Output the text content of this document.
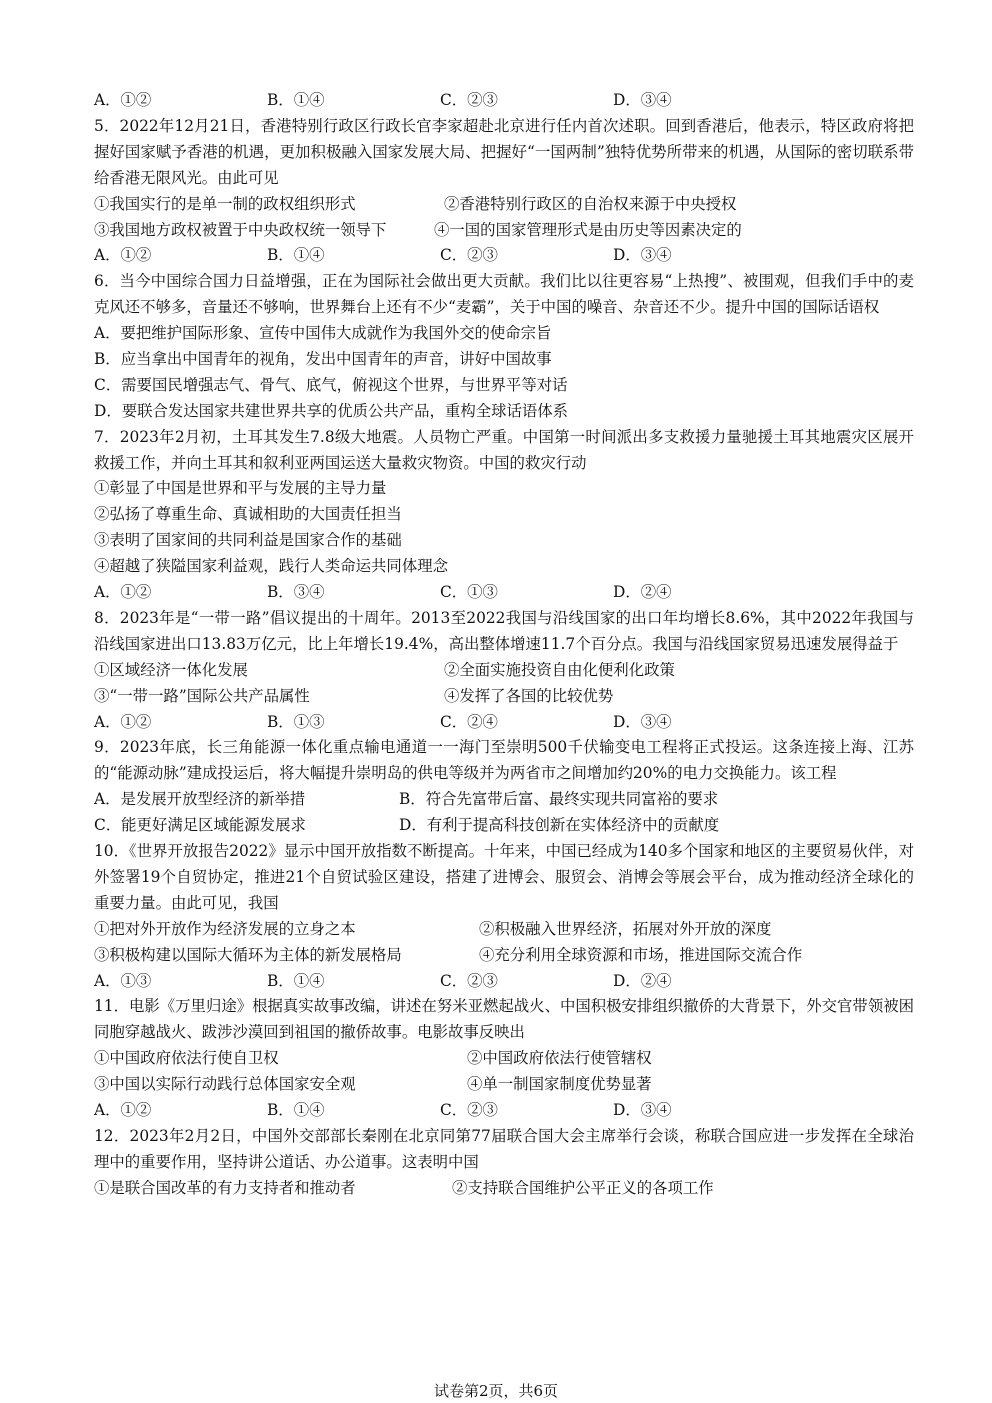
A．①②	B．①④	C．②③	D．③④
5．2022年12月21日，香港特别行政区行政长官李家超赴北京进行任内首次述职。回到香港后，他表示，特区政府将把握好国家赋予香港的机遇，更加积极融入国家发展大局、把握好“一国两制”独特优势所带来的机遇，从国际的密切联系带给香港无限风光。由此可见
①我国实行的是单一制的政权组织形式	②香港特别行政区的自治权来源于中央授权
③我国地方政权被置于中央政权统一领导下	④一国的国家管理形式是由历史等因素决定的
A．①②	B．①④	C．②③	D．③④
6．当今中国综合国力日益增强，正在为国际社会做出更大贡献。我们比以往更容易“上热搜”、被围观，但我们手中的麦克风还不够多，音量还不够响，世界舞台上还有不少“麦霸”，关于中国的噪音、杂音还不少。提升中国的国际话语权
A．要把维护国际形象、宣传中国伟大成就作为我国外交的使命宗旨
B．应当拿出中国青年的视角，发出中国青年的声音，讲好中国故事
C．需要国民增强志气、骨气、底气，俯视这个世界，与世界平等对话
D．要联合发达国家共建世界共享的优质公共产品，重构全球话语体系
7．2023年2月初，土耳其发生7.8级大地震。人员物亡严重。中国第一时间派出多支救援力量驰援土耳其地震灾区展开救援工作，并向土耳其和叙利亚两国运送大量救灾物资。中国的救灾行动
①彰显了中国是世界和平与发展的主导力量
②弘扬了尊重生命、真诚相助的大国责任担当
③表明了国家间的共同利益是国家合作的基础
④超越了狭隘国家利益观，践行人类命运共同体理念
A．①②	B．③④	C．①③	D．②④
8．2023年是“一带一路”倡议提出的十周年。2013至2022我国与沿线国家的出口年均增长8.6%，其中2022年我国与沿线国家进出口13.83万亿元，比上年增长19.4%，高出整体增速11.7个百分点。我国与沿线国家贸易迅速发展得益于
①区域经济一体化发展	②全面实施投资自由化便利化政策
③“一带一路”国际公共产品属性	④发挥了各国的比较优势
A．①②	B．①③	C．②④	D．③④
9．2023年底，长三角能源一体化重点输电通道一一海门至崇明500千伏输变电工程将正式投运。这条连接上海、江苏的“能源动脉”建成投运后，将大幅提升崇明岛的供电等级并为两省市之间增加约20%的电力交换能力。该工程
A．是发展开放型经济的新举措	B．符合先富带后富、最终实现共同富裕的要求
C．能更好满足区域能源发展求	D．有利于提高科技创新在实体经济中的贡献度
10．《世界开放报告2022》显示中国开放指数不断提高。十年来，中国已经成为140多个国家和地区的主要贸易伙伴，对外签署19个自贸协定，推进21个自贸试验区建设，搭建了进博会、服贸会、消博会等展会平台，成为推动经济全球化的重要力量。由此可见，我国
①把对外开放作为经济发展的立身之本	②积极融入世界经济，拓展对外开放的深度
③积极构建以国际大循环为主体的新发展格局	④充分利用全球资源和市场，推进国际交流合作
A．①③	B．①④	C．②③	D．②④
11．电影《万里归途》根据真实故事改编，讲述在努米亚燃起战火、中国积极安排组织撤侨的大背景下，外交官带领被困同胞穿越战火、跋涉沙漠回到祖国的撤侨故事。电影故事反映出
①中国政府依法行使自卫权	②中国政府依法行使管辖权
③中国以实际行动践行总体国家安全观	④单一制国家制度优势显著
A．①②	B．①④	C．②③	D．③④
12．2023年2月2日，中国外交部部长秦刚在北京同第77届联合国大会主席举行会谈，称联合国应进一步发挥在全球治理中的重要作用，坚持讲公道话、办公道事。这表明中国
①是联合国改革的有力支持者和推动者	②支持联合国维护公平正义的各项工作
试卷第2页，共6页
